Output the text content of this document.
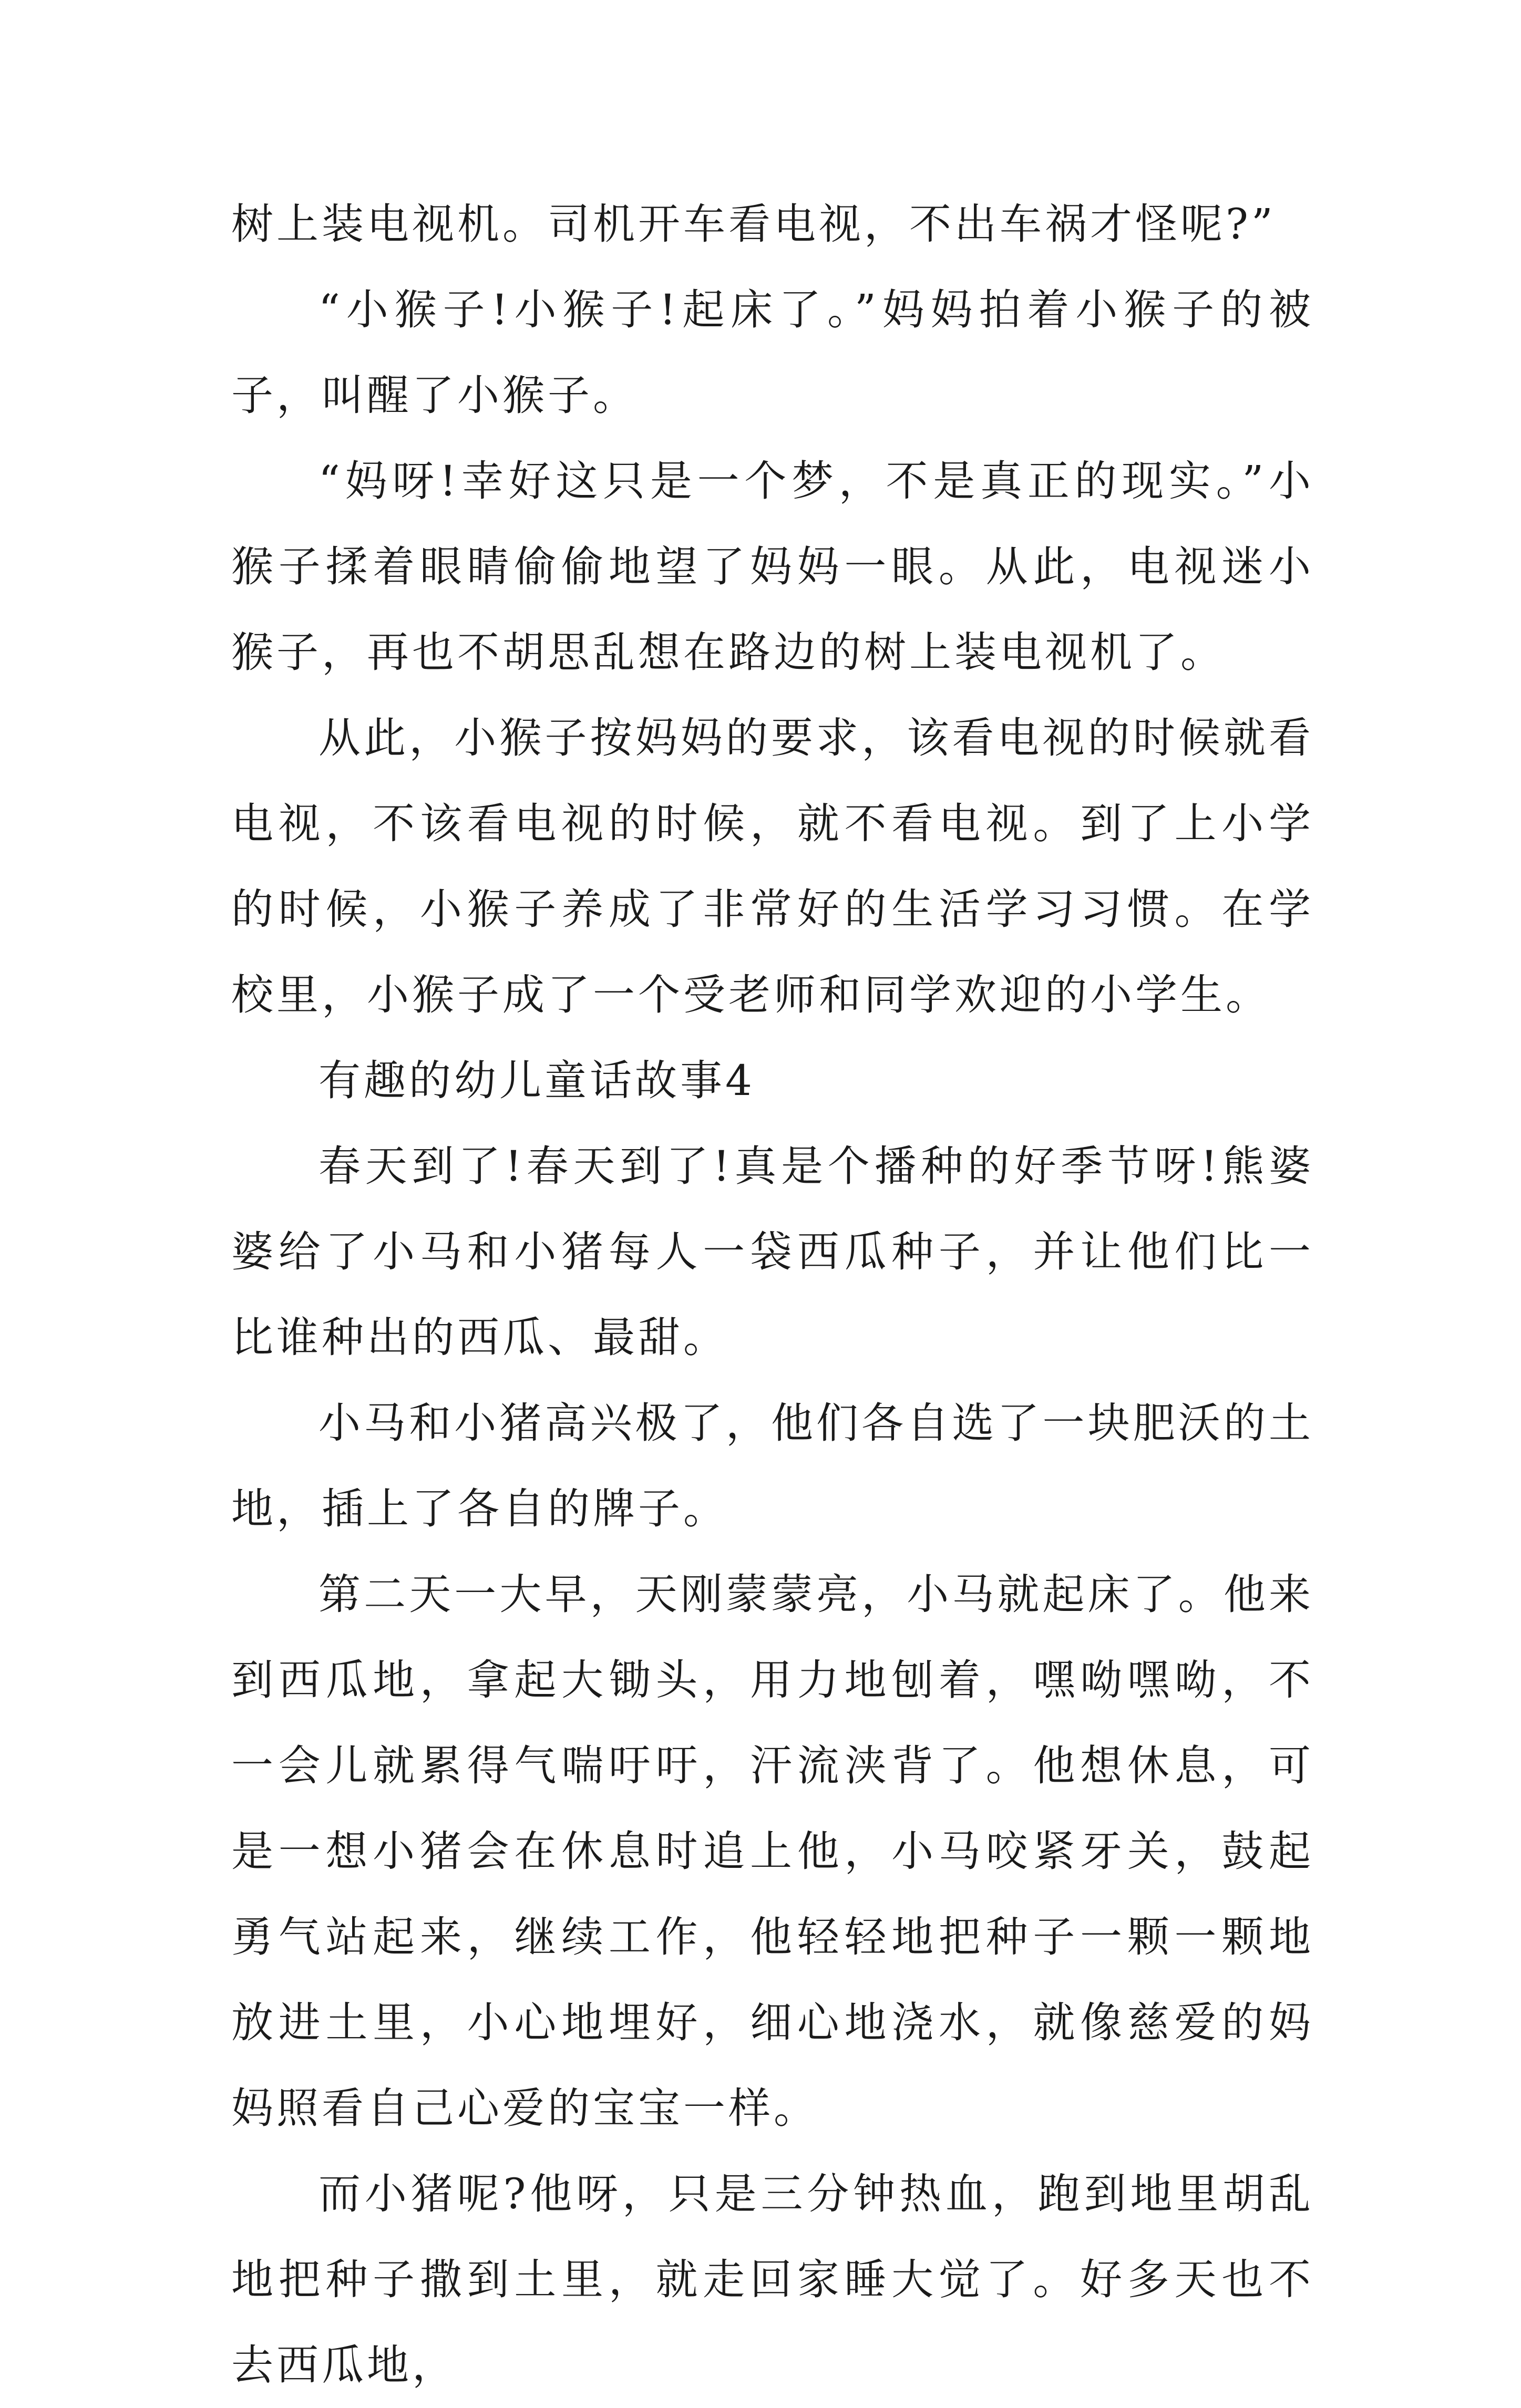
树上装电视机。司机开车看电视，不出车祸才怪呢?”

“小猴子!小猴子!起床了。”妈妈拍着小猴子的被子，叫醒了小猴子。

“妈呀!幸好这只是一个梦，不是真正的现实。”小猴子揉着眼睛偷偷地望了妈妈一眼。从此，电视迷小猴子，再也不胡思乱想在路边的树上装电视机了。

从此，小猴子按妈妈的要求，该看电视的时候就看电视，不该看电视的时候，就不看电视。到了上小学的时候，小猴子养成了非常好的生活学习习惯。在学校里，小猴子成了一个受老师和同学欢迎的小学生。

有趣的幼儿童话故事4

春天到了!春天到了!真是个播种的好季节呀!熊婆婆给了小马和小猪每人一袋西瓜种子，并让他们比一比谁种出的西瓜、最甜。

小马和小猪高兴极了，他们各自选了一块肥沃的土地，插上了各自的牌子。

第二天一大早，天刚蒙蒙亮，小马就起床了。他来到西瓜地，拿起大锄头，用力地刨着，嘿呦嘿呦，不一会儿就累得气喘吁吁，汗流浃背了。他想休息，可是一想小猪会在休息时追上他，小马咬紧牙关，鼓起勇气站起来，继续工作，他轻轻地把种子一颗一颗地放进土里，小心地埋好，细心地浇水，就像慈爱的妈妈照看自己心爱的宝宝一样。

而小猪呢?他呀，只是三分钟热血，跑到地里胡乱地把种子撒到土里，就走回家睡大觉了。好多天也不去西瓜地，
